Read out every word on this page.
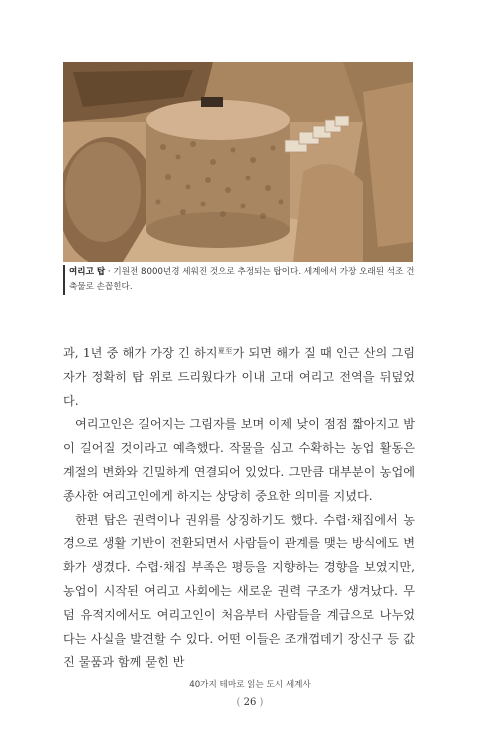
여리고 탑 · 기원전 8000년경 세워진 것으로 추정되는 탑이다. 세계에서 가장 오래된 석조 건축물로 손꼽힌다.

과, 1년 중 해가 가장 긴 하지$^{夏至}$가 되면 해가 질 때 인근 산의 그림자가 정확히 탑 위로 드리웠다가 이내 고대 여리고 전역을 뒤덮었다.

여리고인은 길어지는 그림자를 보며 이제 낮이 점점 짧아지고 밤이 길어질 것이라고 예측했다. 작물을 심고 수확하는 농업 활동은 계절의 변화와 긴밀하게 연결되어 있었다. 그만큼 대부분이 농업에 종사한 여리고인에게 하지는 상당히 중요한 의미를 지녔다.

한편 탑은 권력이나 권위를 상징하기도 했다. 수렵·채집에서 농경으로 생활 기반이 전환되면서 사람들이 관계를 맺는 방식에도 변화가 생겼다. 수렵·채집 부족은 평등을 지향하는 경향을 보였지만, 농업이 시작된 여리고 사회에는 새로운 권력 구조가 생겨났다. 무덤 유적지에서도 여리고인이 처음부터 사람들을 계급으로 나누었다는 사실을 발견할 수 있다. 어떤 이들은 조개껍데기 장신구 등 값진 물품과 함께 묻힌 반

40가지 테마로 읽는 도시 세계사
( 26 )
